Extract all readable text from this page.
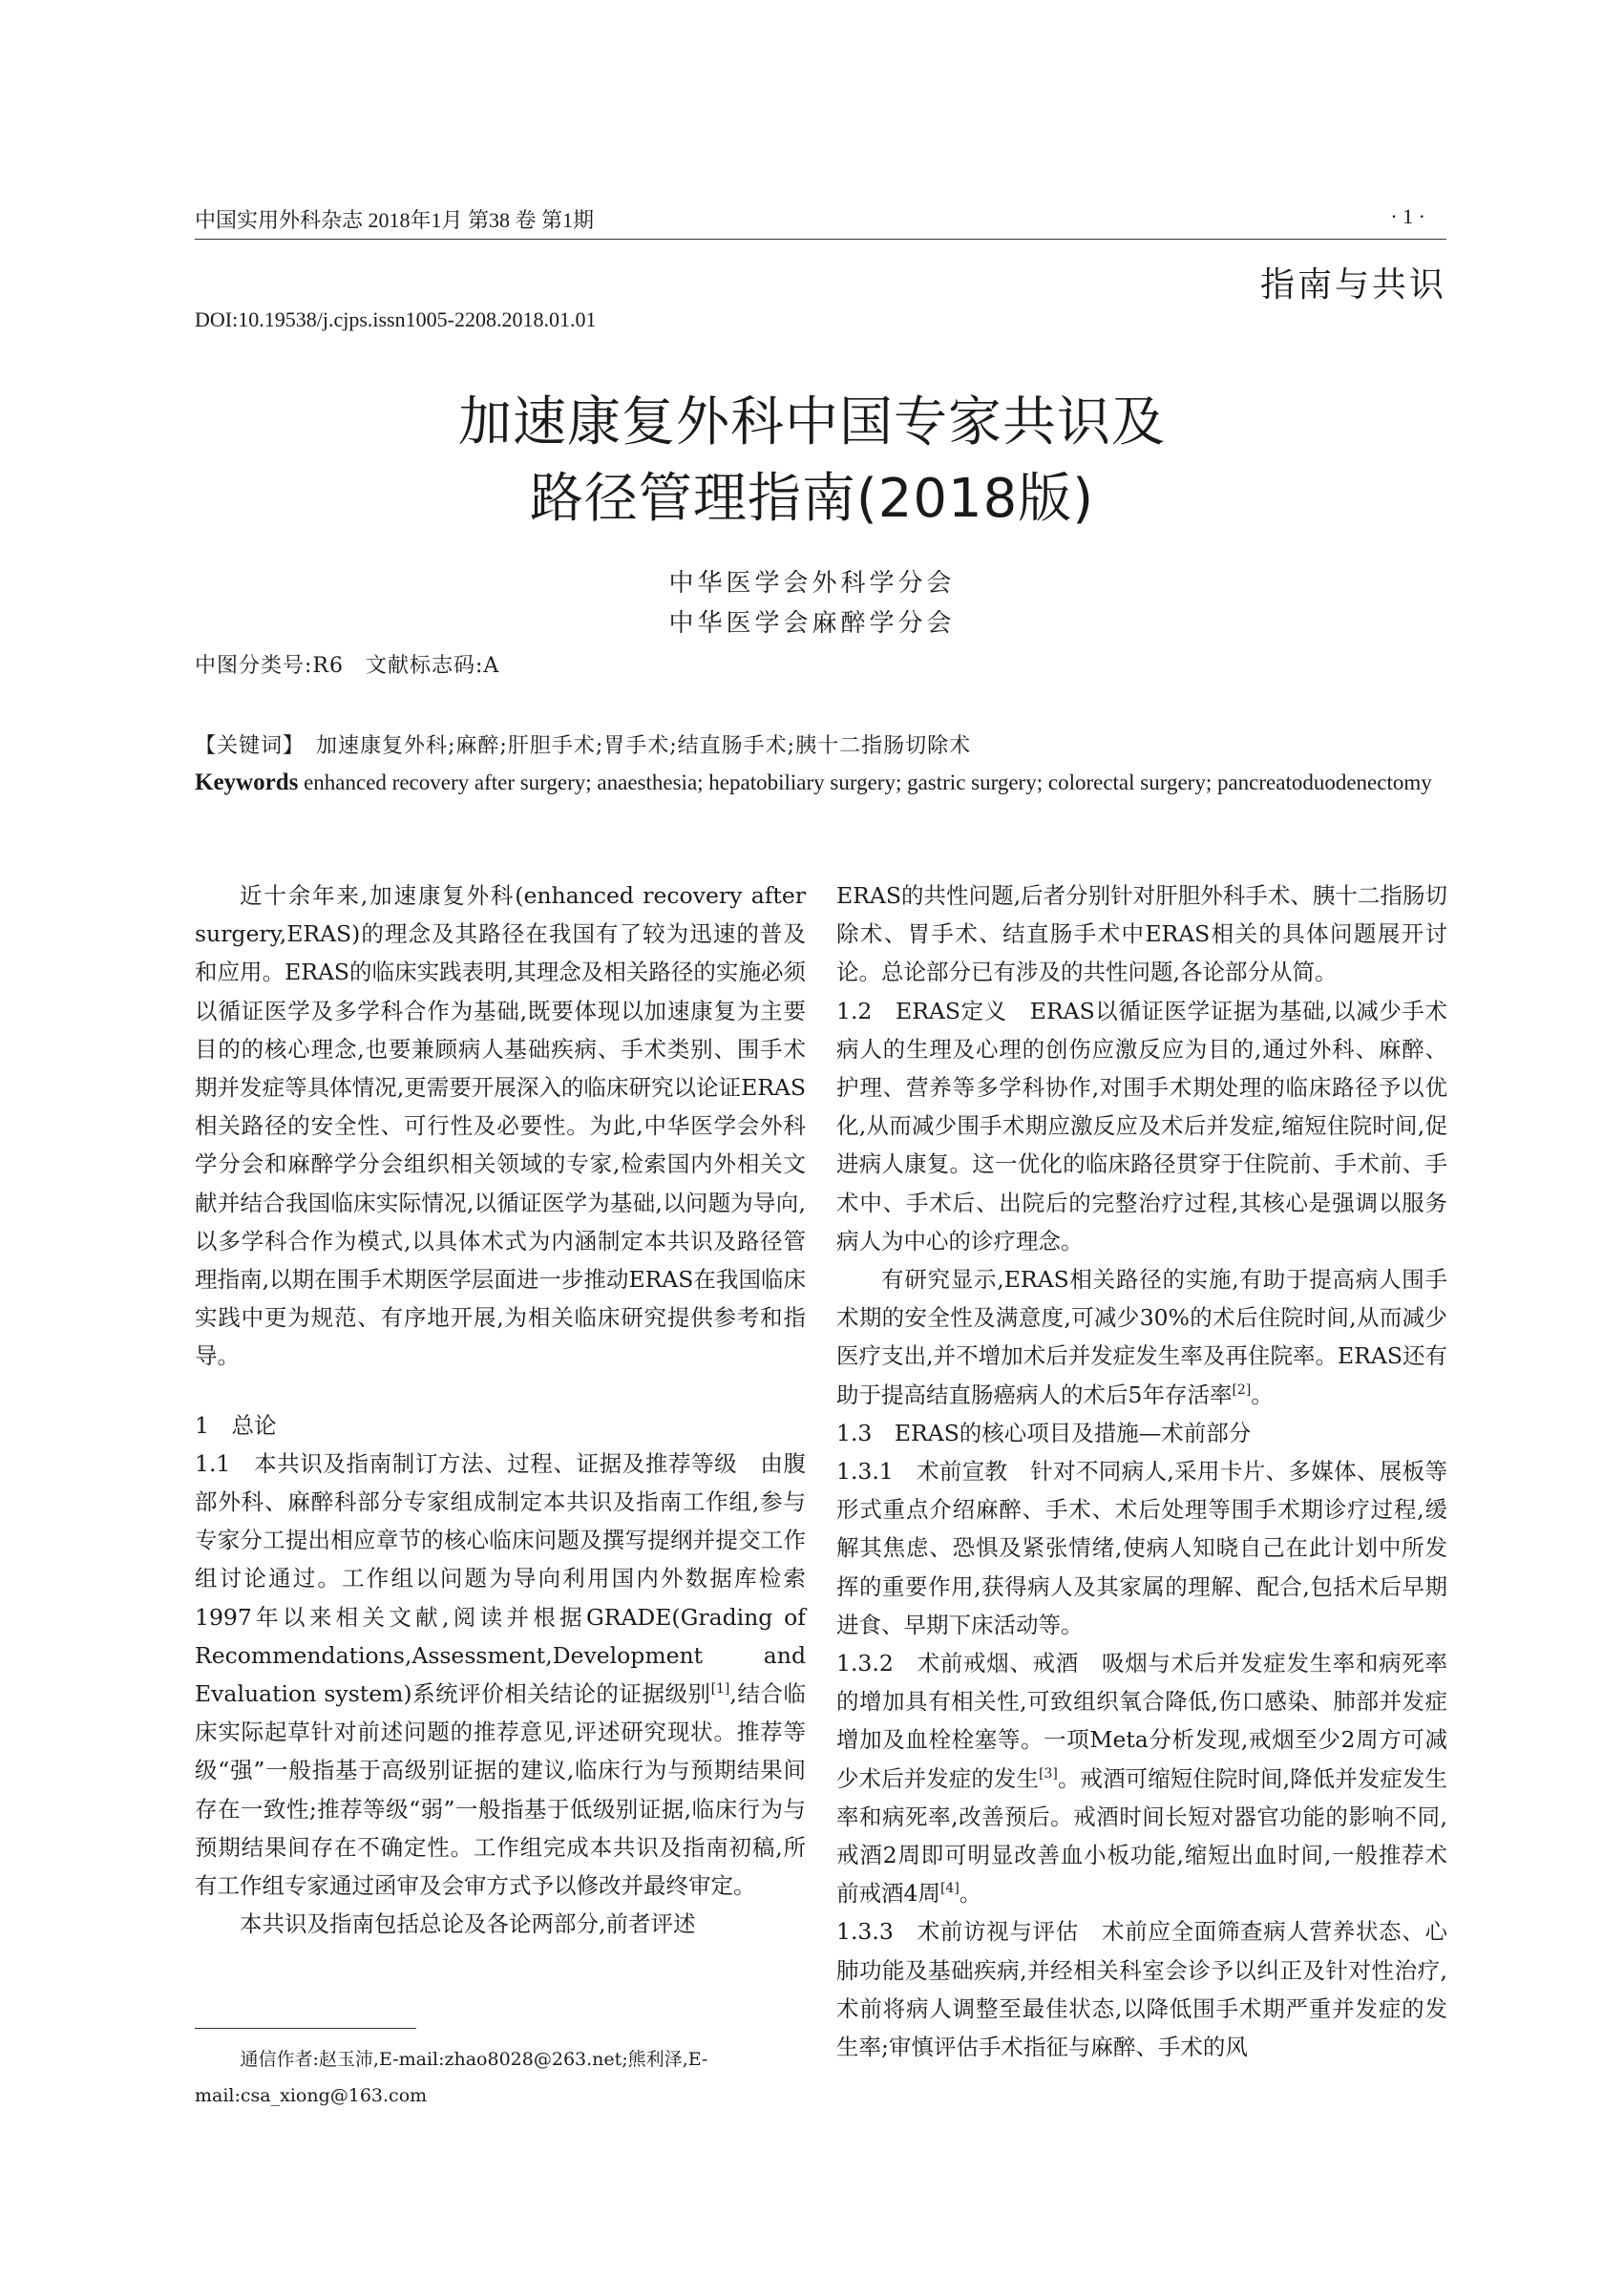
中国实用外科杂志 2018年1月 第38 卷 第1期	· 1 ·
指南与共识
DOI:10.19538/j.cjps.issn1005-2208.2018.01.01
加速康复外科中国专家共识及
路径管理指南(2018版)
中华医学会外科学分会
中华医学会麻醉学分会
中图分类号:R6　文献标志码:A
【关键词】　加速康复外科;麻醉;肝胆手术;胃手术;结直肠手术;胰十二指肠切除术
Keywords enhanced recovery after surgery; anaesthesia; hepatobiliary surgery; gastric surgery; colorectal surgery; pancreatoduodenectomy

近十余年来,加速康复外科(enhanced recovery after surgery,ERAS)的理念及其路径在我国有了较为迅速的普及和应用。ERAS的临床实践表明,其理念及相关路径的实施必须以循证医学及多学科合作为基础,既要体现以加速康复为主要目的的核心理念,也要兼顾病人基础疾病、手术类别、围手术期并发症等具体情况,更需要开展深入的临床研究以论证ERAS相关路径的安全性、可行性及必要性。为此,中华医学会外科学分会和麻醉学分会组织相关领域的专家,检索国内外相关文献并结合我国临床实际情况,以循证医学为基础,以问题为导向,以多学科合作为模式,以具体术式为内涵制定本共识及路径管理指南,以期在围手术期医学层面进一步推动ERAS在我国临床实践中更为规范、有序地开展,为相关临床研究提供参考和指导。

1　总论

1.1　本共识及指南制订方法、过程、证据及推荐等级　由腹部外科、麻醉科部分专家组成制定本共识及指南工作组,参与专家分工提出相应章节的核心临床问题及撰写提纲并提交工作组讨论通过。工作组以问题为导向利用国内外数据库检索1997年以来相关文献,阅读并根据GRADE(Grading of Recommendations,Assessment,Development and Evaluation system)系统评价相关结论的证据级别[1],结合临床实际起草针对前述问题的推荐意见,评述研究现状。推荐等级“强”一般指基于高级别证据的建议,临床行为与预期结果间存在一致性;推荐等级“弱”一般指基于低级别证据,临床行为与预期结果间存在不确定性。工作组完成本共识及指南初稿,所有工作组专家通过函审及会审方式予以修改并最终审定。

本共识及指南包括总论及各论两部分,前者评述

ERAS的共性问题,后者分别针对肝胆外科手术、胰十二指肠切除术、胃手术、结直肠手术中ERAS相关的具体问题展开讨论。总论部分已有涉及的共性问题,各论部分从简。

1.2　ERAS定义　ERAS以循证医学证据为基础,以减少手术病人的生理及心理的创伤应激反应为目的,通过外科、麻醉、护理、营养等多学科协作,对围手术期处理的临床路径予以优化,从而减少围手术期应激反应及术后并发症,缩短住院时间,促进病人康复。这一优化的临床路径贯穿于住院前、手术前、手术中、手术后、出院后的完整治疗过程,其核心是强调以服务病人为中心的诊疗理念。

有研究显示,ERAS相关路径的实施,有助于提高病人围手术期的安全性及满意度,可减少30%的术后住院时间,从而减少医疗支出,并不增加术后并发症发生率及再住院率。ERAS还有助于提高结直肠癌病人的术后5年存活率[2]。

1.3　ERAS的核心项目及措施—术前部分

1.3.1　术前宣教　针对不同病人,采用卡片、多媒体、展板等形式重点介绍麻醉、手术、术后处理等围手术期诊疗过程,缓解其焦虑、恐惧及紧张情绪,使病人知晓自己在此计划中所发挥的重要作用,获得病人及其家属的理解、配合,包括术后早期进食、早期下床活动等。

1.3.2　术前戒烟、戒酒　吸烟与术后并发症发生率和病死率的增加具有相关性,可致组织氧合降低,伤口感染、肺部并发症增加及血栓栓塞等。一项Meta分析发现,戒烟至少2周方可减少术后并发症的发生[3]。戒酒可缩短住院时间,降低并发症发生率和病死率,改善预后。戒酒时间长短对器官功能的影响不同,戒酒2周即可明显改善血小板功能,缩短出血时间,一般推荐术前戒酒4周[4]。

1.3.3　术前访视与评估　术前应全面筛查病人营养状态、心肺功能及基础疾病,并经相关科室会诊予以纠正及针对性治疗,术前将病人调整至最佳状态,以降低围手术期严重并发症的发生率;审慎评估手术指征与麻醉、手术的风

通信作者:赵玉沛,E-mail:zhao8028@263.net;熊利泽,E-mail:csa_xiong@163.com
